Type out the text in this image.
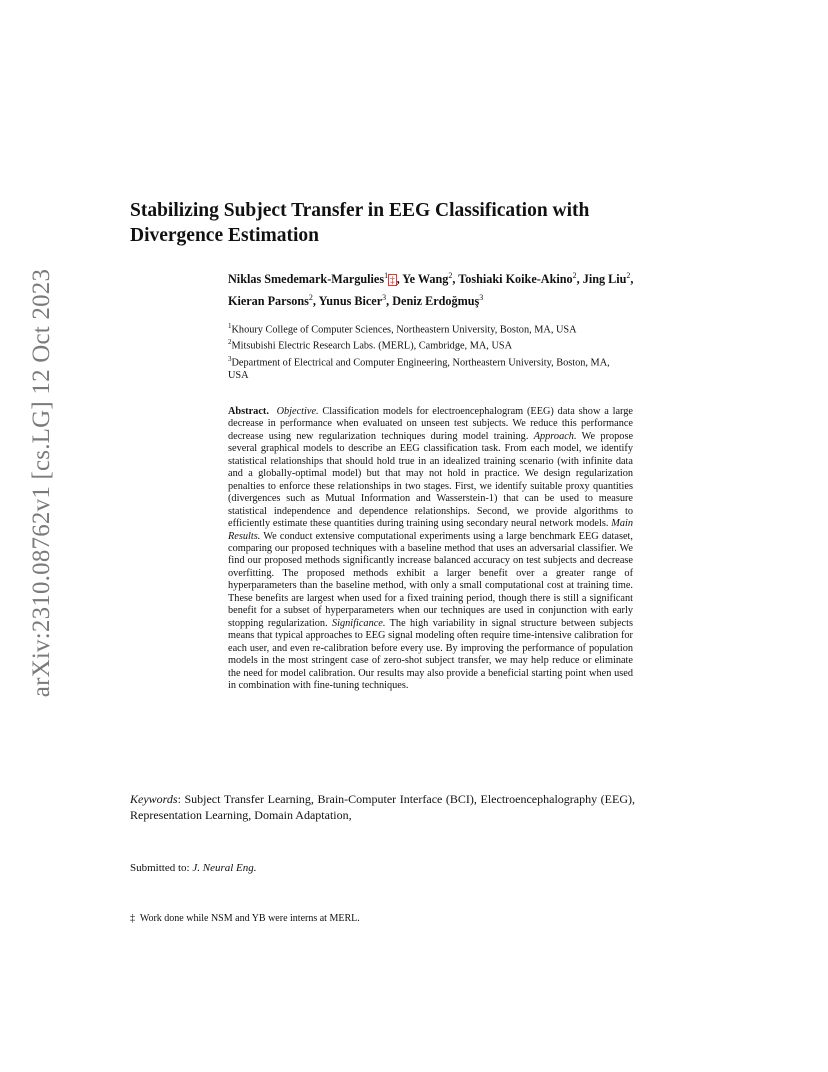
arXiv:2310.08762v1 [cs.LG] 12 Oct 2023
Stabilizing Subject Transfer in EEG Classification with Divergence Estimation
Niklas Smedemark-Margulies$^1$ ‡ , Ye Wang$^2$, Toshiaki Koike-Akino$^2$, Jing Liu$^2$, Kieran Parsons$^2$, Yunus Bicer$^3$, Deniz Erdoğmuş$^3$
$^1$Khoury College of Computer Sciences, Northeastern University, Boston, MA, USA
$^2$Mitsubishi Electric Research Labs. (MERL), Cambridge, MA, USA
$^3$Department of Electrical and Computer Engineering, Northeastern University, Boston, MA, USA

Abstract. Objective. Classification models for electroencephalogram (EEG) data show a large decrease in performance when evaluated on unseen test subjects. We reduce this performance decrease using new regularization techniques during model training. Approach. We propose several graphical models to describe an EEG classification task. From each model, we identify statistical relationships that should hold true in an idealized training scenario (with infinite data and a globally-optimal model) but that may not hold in practice. We design regularization penalties to enforce these relationships in two stages. First, we identify suitable proxy quantities (divergences such as Mutual Information and Wasserstein-1) that can be used to measure statistical independence and dependence relationships. Second, we provide algorithms to efficiently estimate these quantities during training using secondary neural network models. Main Results. We conduct extensive computational experiments using a large benchmark EEG dataset, comparing our proposed techniques with a baseline method that uses an adversarial classifier. We find our proposed methods significantly increase balanced accuracy on test subjects and decrease overfitting. The proposed methods exhibit a larger benefit over a greater range of hyperparameters than the baseline method, with only a small computational cost at training time. These benefits are largest when used for a fixed training period, though there is still a significant benefit for a subset of hyperparameters when our techniques are used in conjunction with early stopping regularization. Significance. The high variability in signal structure between subjects means that typical approaches to EEG signal modeling often require time-intensive calibration for each user, and even re-calibration before every use. By improving the performance of population models in the most stringent case of zero-shot subject transfer, we may help reduce or eliminate the need for model calibration. Our results may also provide a beneficial starting point when used in combination with fine-tuning techniques.

Keywords: Subject Transfer Learning, Brain-Computer Interface (BCI), Electroencephalography (EEG), Representation Learning, Domain Adaptation,

Submitted to: J. Neural Eng.

‡ Work done while NSM and YB were interns at MERL.
